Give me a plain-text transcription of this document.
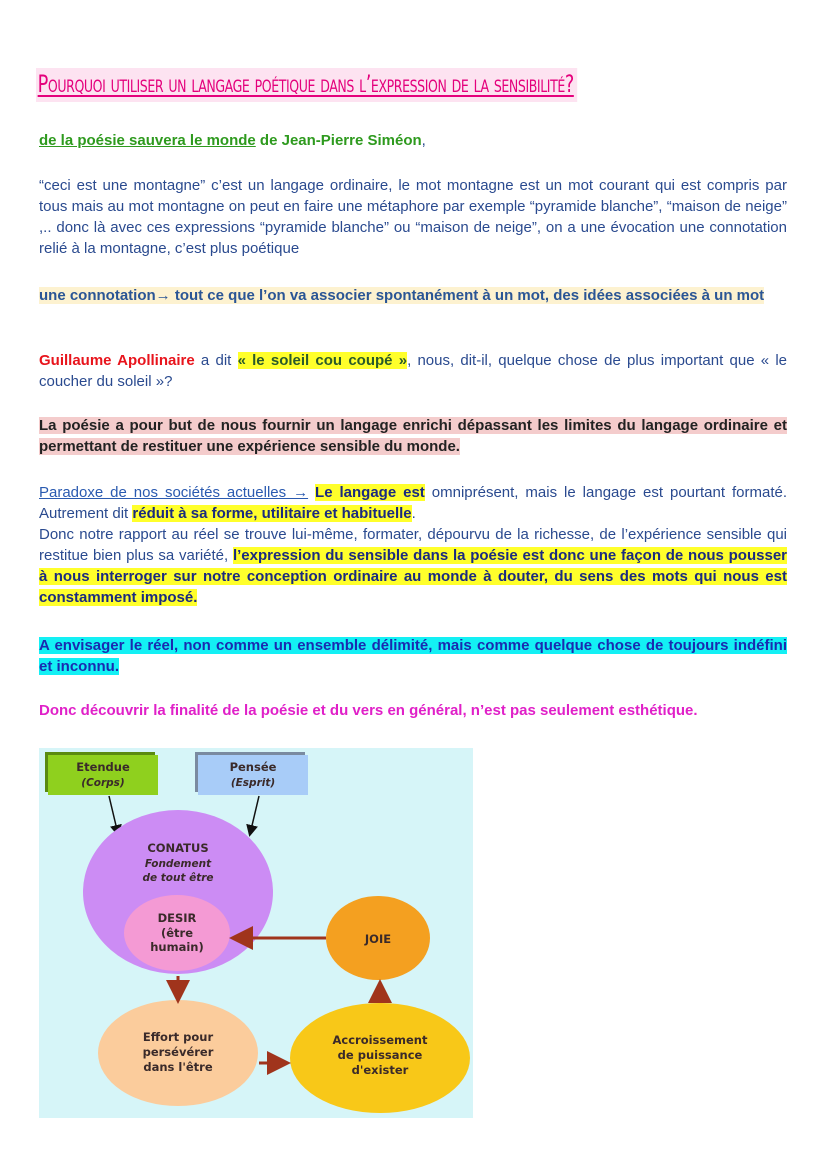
Pourquoi utiliser un langage poétique dans l’expression de la sensibilité?
de la poésie sauvera le monde de Jean-Pierre Siméon,
“ceci est une montagne” c’est un langage ordinaire, le mot montagne est un mot courant qui est compris par tous mais au mot montagne on peut en faire une métaphore par exemple “pyramide blanche”, “maison de neige” ,.. donc là avec ces expressions “pyramide blanche” ou “maison de neige”, on a une évocation une connotation relié à la montagne, c’est plus poétique
une connotation→ tout ce que l’on va associer spontanément à un mot, des idées associées à un mot
Guillaume Apollinaire a dit « le soleil cou coupé », nous, dit-il, quelque chose de plus important que « le coucher du soleil »?
La poésie a pour but de nous fournir un langage enrichi dépassant les limites du langage ordinaire et permettant de restituer une expérience sensible du monde.
Paradoxe de nos sociétés actuelles → Le langage est omniprésent, mais le langage est pourtant formaté. Autrement dit réduit à sa forme, utilitaire et habituelle.
Donc notre rapport au réel se trouve lui-même, formater, dépourvu de la richesse, de l’expérience sensible qui restitue bien plus sa variété, l’expression du sensible dans la poésie est donc une façon de nous pousser à nous interroger sur notre conception ordinaire au monde à douter, du sens des mots qui nous est constamment imposé.
A envisager le réel, non comme un ensemble délimité, mais comme quelque chose de toujours indéfini et inconnu.
Donc découvrir la finalité de la poésie et du vers en général, n’est pas seulement esthétique.
Etendue
(Corps)
Pensée
(Esprit)
CONATUS
Fondement
de tout être
DESIR
(être
humain)
JOIE
Effort pour
persévérer
dans l'être
Accroissement
de puissance
d'exister
